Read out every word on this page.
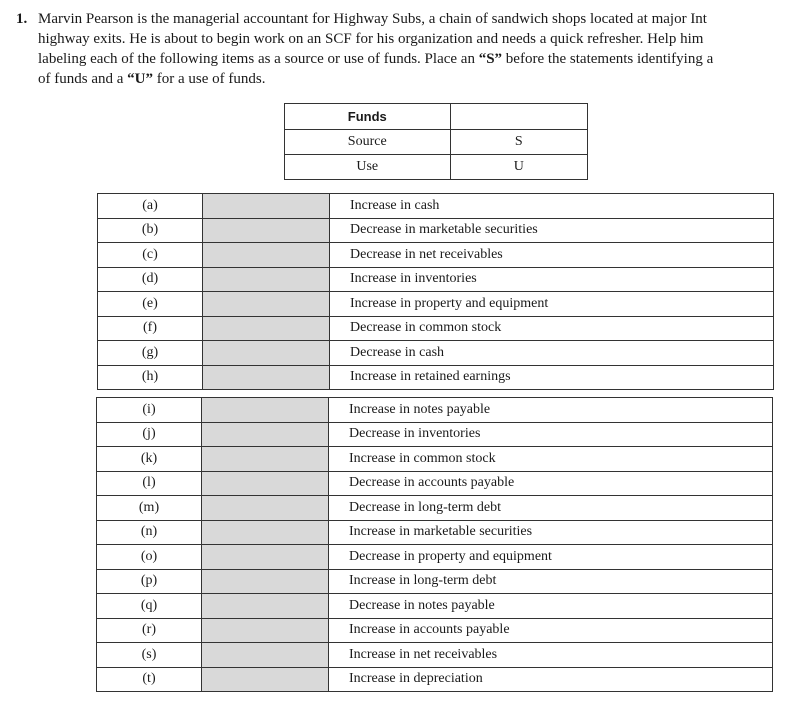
1. Marvin Pearson is the managerial accountant for Highway Subs, a chain of sandwich shops located at major Int
highway exits. He is about to begin work on an SCF for his organization and needs a quick refresher. Help him
labeling each of the following items as a source or use of funds. Place an “S” before the statements identifying a
of funds and a “U” for a use of funds.
Funds	
Source	S
Use	U
(a)		Increase in cash
(b)		Decrease in marketable securities
(c)		Decrease in net receivables
(d)		Increase in inventories
(e)		Increase in property and equipment
(f)		Decrease in common stock
(g)		Decrease in cash
(h)		Increase in retained earnings
(i)		Increase in notes payable
(j)		Decrease in inventories
(k)		Increase in common stock
(l)		Decrease in accounts payable
(m)		Decrease in long-term debt
(n)		Increase in marketable securities
(o)		Decrease in property and equipment
(p)		Increase in long-term debt
(q)		Decrease in notes payable
(r)		Increase in accounts payable
(s)		Increase in net receivables
(t)		Increase in depreciation
